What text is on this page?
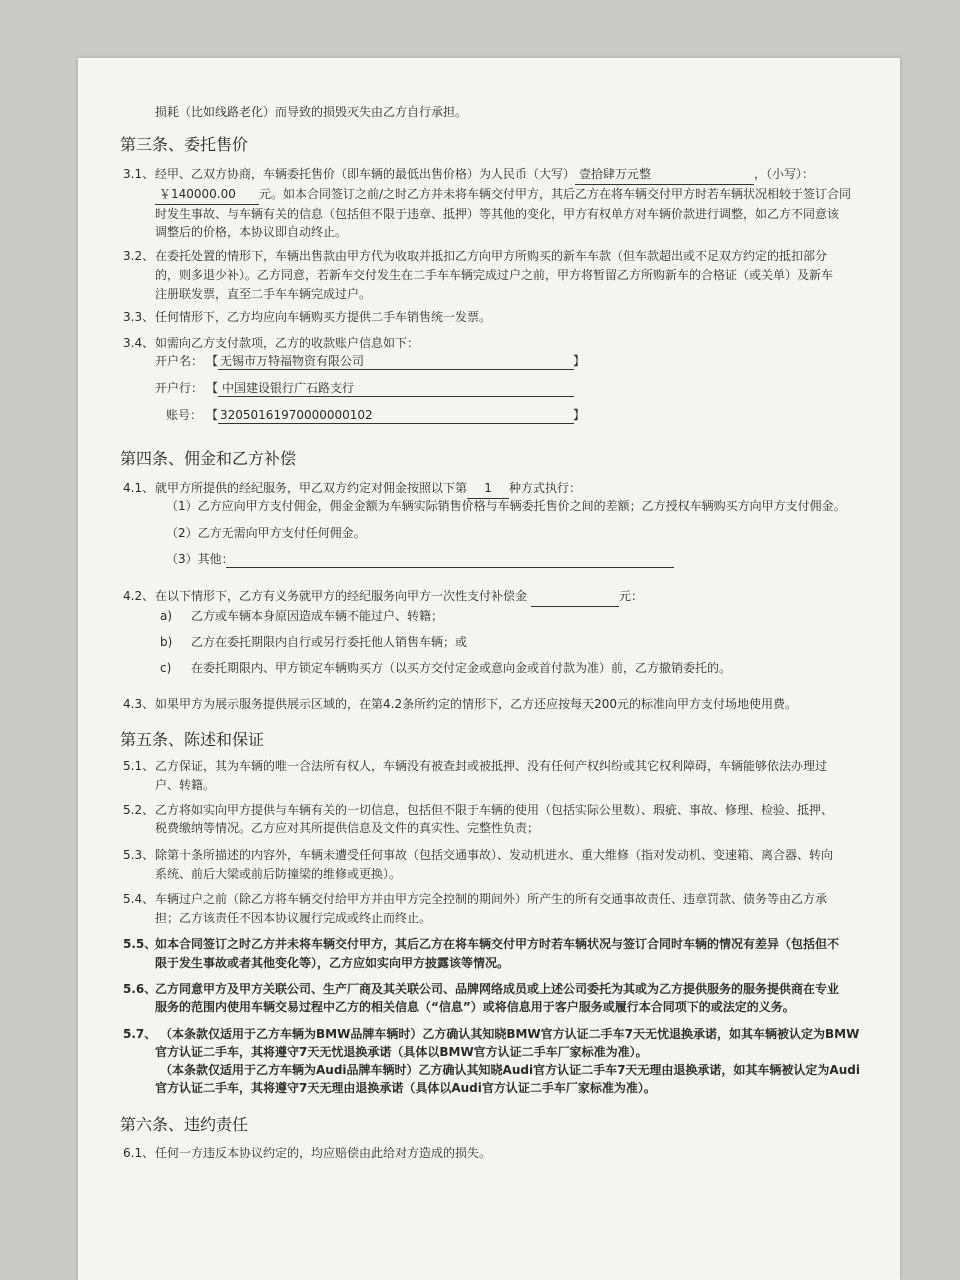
损耗（比如线路老化）而导致的损毁灭失由乙方自行承担。
第三条、委托售价
3.1、 经甲、乙双方协商，车辆委托售价（即车辆的最低出售价格）为人民币（大写） 壹拾肆万元整	，（小写）：
￥140000.00 元。如本合同签订之前/之时乙方并未将车辆交付甲方，其后乙方在将车辆交付甲方时若车辆状况相较于签订合同
时发生事故、与车辆有关的信息（包括但不限于违章、抵押）等其他的变化，甲方有权单方对车辆价款进行调整，如乙方不同意该
调整后的价格，本协议即自动终止。
3.2、 在委托处置的情形下，车辆出售款由甲方代为收取并抵扣乙方向甲方所购买的新车车款（但车款超出或不足双方约定的抵扣部分
的，则多退少补）。乙方同意，若新车交付发生在二手车车辆完成过户之前，甲方将暂留乙方所购新车的合格证（或关单）及新车
注册联发票，直至二手车车辆完成过户。
3.3、 任何情形下，乙方均应向车辆购买方提供二手车销售统一发票。
3.4、 如需向乙方支付款项，乙方的收款账户信息如下：
开户名： 【 无锡市万特福物资有限公司	】
开户行： 【 中国建设银行广石路支行
账号： 【 32050161970000000102	】
第四条、佣金和乙方补偿
4.1、 就甲方所提供的经纪服务，甲乙双方约定对佣金按照以下第 1 种方式执行：
（1）乙方应向甲方支付佣金，佣金金额为车辆实际销售价格与车辆委托售价之间的差额；乙方授权车辆购买方向甲方支付佣金。
（2）乙方无需向甲方支付任何佣金。
（3）其他：
4.2、 在以下情形下，乙方有义务就甲方的经纪服务向甲方一次性支付补偿金	元：
a) 乙方或车辆本身原因造成车辆不能过户、转籍；
b) 乙方在委托期限内自行或另行委托他人销售车辆；或
c) 在委托期限内、甲方锁定车辆购买方（以买方交付定金或意向金或首付款为准）前，乙方撤销委托的。
4.3、 如果甲方为展示服务提供展示区域的，在第4.2条所约定的情形下，乙方还应按每天200元的标准向甲方支付场地使用费。
第五条、陈述和保证
5.1、 乙方保证，其为车辆的唯一合法所有权人，车辆没有被查封或被抵押、没有任何产权纠纷或其它权利障碍，车辆能够依法办理过
户、转籍。
5.2、 乙方将如实向甲方提供与车辆有关的一切信息，包括但不限于车辆的使用（包括实际公里数）、瑕疵、事故、修理、检验、抵押、
税费缴纳等情况。乙方应对其所提供信息及文件的真实性、完整性负责；
5.3、 除第十条所描述的内容外，车辆未遭受任何事故（包括交通事故）、发动机进水、重大维修（指对发动机、变速箱、离合器、转向
系统、前后大梁或前后防撞梁的维修或更换）。
5.4、 车辆过户之前（除乙方将车辆交付给甲方并由甲方完全控制的期间外）所产生的所有交通事故责任、违章罚款、债务等由乙方承
担；乙方该责任不因本协议履行完成或终止而终止。
5.5、
如本合同签订之时乙方并未将车辆交付甲方，其后乙方在将车辆交付甲方时若车辆状况与签订合同时车辆的情况有差异（包括但不
限于发生事故或者其他变化等），乙方应如实向甲方披露该等情况。
5.6、
乙方同意甲方及甲方关联公司、生产厂商及其关联公司、品牌网络成员或上述公司委托为其或为乙方提供服务的服务提供商在专业
服务的范围内使用车辆交易过程中乙方的相关信息（“信息”）或将信息用于客户服务或履行本合同项下的或法定的义务。
5.7、 （本条款仅适用于乙方车辆为BMW品牌车辆时）乙方确认其知晓BMW官方认证二手车7天无忧退换承诺，如其车辆被认定为BMW
官方认证二手车，其将遵守7天无忧退换承诺（具体以BMW官方认证二手车厂家标准为准）。
（本条款仅适用于乙方车辆为Audi品牌车辆时）乙方确认其知晓Audi官方认证二手车7天无理由退换承诺，如其车辆被认定为Audi
官方认证二手车，其将遵守7天无理由退换承诺（具体以Audi官方认证二手车厂家标准为准）。
第六条、违约责任
6.1、 任何一方违反本协议约定的，均应赔偿由此给对方造成的损失。
